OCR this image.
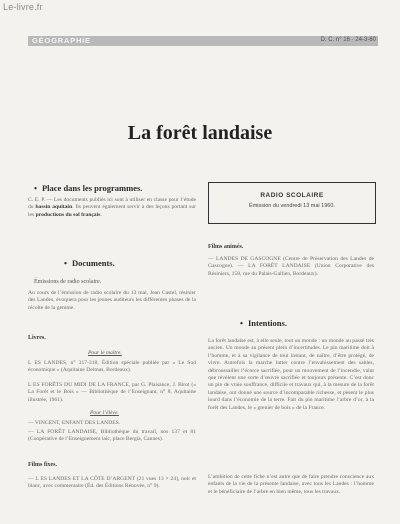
Le-livre.fr
GÉOGRAPHIE	D. C. n° 16 · 24-3-60
La forêt landaise
• Place dans les programmes.
C. E. P. — Les documents publiés ici sont à utiliser en classe pour l’étude du bassin aquitain. Ils peuvent également servir à des leçons portant sur les productions du sol français.
• Documents.
Émissions de radio scolaire.
Au cours de l’émission de radio scolaire du 13 mai, Jean Castel, résinier des Landes, évoquera pour les jeunes auditeurs les différentes phases de la récolte de la gemme.
Livres.
Pour le maître.
L ES LANDES, n° 317-318, Édition spéciale publiée par « Le Sud économique » (Aquitaine Delmas, Bordeaux).
L ES FORÊTS DU MIDI DE LA FRANCE, par G. Plaisance, J. Birot (« La Forêt et le Bois » — Bibliothèque de l’Enseignant, n° 8, Aquitaine illustrée, 1961).
Pour l’élève.
— VINCENT, ENFANT DES LANDES.
— LA FORÊT LANDAISE, Bibliothèque du travail, nos 137 et 81 (Coopérative de l’Enseignement laïc, place Bergia, Cannes).
Films fixes.
— L ES LANDES ET LA CÔTE D’ARGENT (21 vues 13 × 24), noir et blanc, avec commentaire (Éd. des Éditions Rénovée, n° 9).
RADIO SCOLAIRE
Émission du vendredi 13 mai 1960.
Films animés.
— LANDES DE GASCOGNE (Centre de Préservation des Landes de Gascogne). — LA FORÊT LANDAISE (Union Corporative des Résiniers, 158, rue du Palais-Gallien, Bordeaux).
• Intentions.
La forêt landaise est, à elle seule, tout un monde : un monde au passé très ancien. Un monde au présent plein d’incertitudes. Le pin maritime doit à l’homme, et à sa vigilance de tout instant, de naître, d’être protégé, de vivre. Autrefois la marche lutter contre l’envahissement des sables, débroussailler l’écorce sacrifiée, pour un mouvement de l’incendie, valut que révèlent une sorte d’œuvre sacrifiée et toujours présente. C’est donc un pin de vraie souffrance, difficile et travaux qui, à la mesure de la forêt landaise, ont donné une source d’incomparable richesse, et pèsent le plus lourd dans l’économie de la terre. Fait du pin maritime l’arbre d’or, à la forêt des Landes, le « grenier de bois » de la France.
L’ambition de cette fiche n’est autre que de faire prendre conscience aux enfants de la vie de la présente landaise, avec tous les Landes : l’homme et le bénéficiaire de l’arbre en bien même, tous les travaux.
